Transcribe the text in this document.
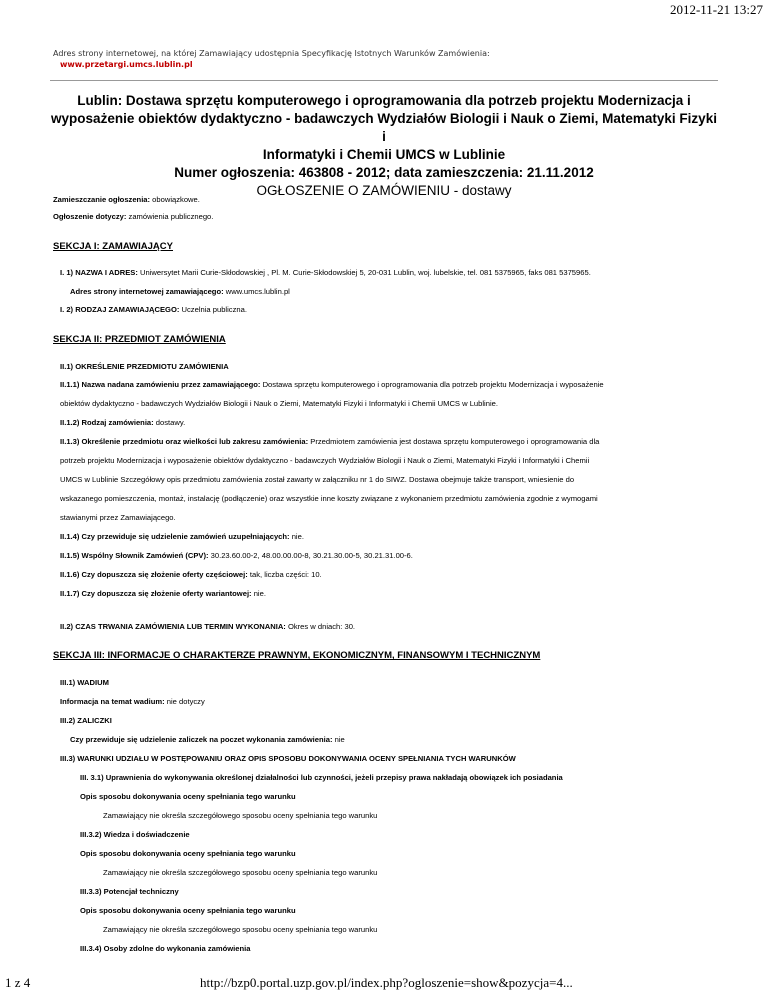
2012-11-21 13:27
Adres strony internetowej, na której Zamawiający udostępnia Specyfikację Istotnych Warunków Zamówienia:
www.przetargi.umcs.lublin.pl
Lublin: Dostawa sprzętu komputerowego i oprogramowania dla potrzeb projektu Modernizacja i
wyposażenie obiektów dydaktyczno - badawczych Wydziałów Biologii i Nauk o Ziemi, Matematyki Fizyki i
Informatyki i Chemii UMCS w Lublinie
Numer ogłoszenia: 463808 - 2012; data zamieszczenia: 21.11.2012
OGŁOSZENIE O ZAMÓWIENIU - dostawy
Zamieszczanie ogłoszenia: obowiązkowe.
Ogłoszenie dotyczy: zamówienia publicznego.
SEKCJA I: ZAMAWIAJĄCY
I. 1) NAZWA I ADRES: Uniwersytet Marii Curie-Skłodowskiej , Pl. M. Curie-Skłodowskiej 5, 20-031 Lublin, woj. lubelskie, tel. 081 5375965, faks 081 5375965.
Adres strony internetowej zamawiającego: www.umcs.lublin.pl
I. 2) RODZAJ ZAMAWIAJĄCEGO: Uczelnia publiczna.
SEKCJA II: PRZEDMIOT ZAMÓWIENIA
II.1) OKREŚLENIE PRZEDMIOTU ZAMÓWIENIA
II.1.1) Nazwa nadana zamówieniu przez zamawiającego: Dostawa sprzętu komputerowego i oprogramowania dla potrzeb projektu Modernizacja i wyposażenie
obiektów dydaktyczno - badawczych Wydziałów Biologii i Nauk o Ziemi, Matematyki Fizyki i Informatyki i Chemii UMCS w Lublinie.
II.1.2) Rodzaj zamówienia: dostawy.
II.1.3) Określenie przedmiotu oraz wielkości lub zakresu zamówienia: Przedmiotem zamówienia jest dostawa sprzętu komputerowego i oprogramowania dla
potrzeb projektu Modernizacja i wyposażenie obiektów dydaktyczno - badawczych Wydziałów Biologii i Nauk o Ziemi, Matematyki Fizyki i Informatyki i Chemii
UMCS w Lublinie Szczegółowy opis przedmiotu zamówienia został zawarty w załączniku nr 1 do SIWZ. Dostawa obejmuje także transport, wniesienie do
wskazanego pomieszczenia, montaż, instalację (podłączenie) oraz wszystkie inne koszty związane z wykonaniem przedmiotu zamówienia zgodnie z wymogami
stawianymi przez Zamawiającego.
II.1.4) Czy przewiduje się udzielenie zamówień uzupełniających: nie.
II.1.5) Wspólny Słownik Zamówień (CPV): 30.23.60.00-2, 48.00.00.00-8, 30.21.30.00-5, 30.21.31.00-6.
II.1.6) Czy dopuszcza się złożenie oferty częściowej: tak, liczba części: 10.
II.1.7) Czy dopuszcza się złożenie oferty wariantowej: nie.
II.2) CZAS TRWANIA ZAMÓWIENIA LUB TERMIN WYKONANIA: Okres w dniach: 30.
SEKCJA III: INFORMACJE O CHARAKTERZE PRAWNYM, EKONOMICZNYM, FINANSOWYM I TECHNICZNYM
III.1) WADIUM
Informacja na temat wadium: nie dotyczy
III.2) ZALICZKI
Czy przewiduje się udzielenie zaliczek na poczet wykonania zamówienia: nie
III.3) WARUNKI UDZIAŁU W POSTĘPOWANIU ORAZ OPIS SPOSOBU DOKONYWANIA OCENY SPEŁNIANIA TYCH WARUNKÓW
III. 3.1) Uprawnienia do wykonywania określonej działalności lub czynności, jeżeli przepisy prawa nakładają obowiązek ich posiadania
Opis sposobu dokonywania oceny spełniania tego warunku
Zamawiający nie określa szczegółowego sposobu oceny spełniania tego warunku
III.3.2) Wiedza i doświadczenie
Opis sposobu dokonywania oceny spełniania tego warunku
Zamawiający nie określa szczegółowego sposobu oceny spełniania tego warunku
III.3.3) Potencjał techniczny
Opis sposobu dokonywania oceny spełniania tego warunku
Zamawiający nie określa szczegółowego sposobu oceny spełniania tego warunku
III.3.4) Osoby zdolne do wykonania zamówienia
1 z 4	http://bzp0.portal.uzp.gov.pl/index.php?ogloszenie=show&pozycja=4...
